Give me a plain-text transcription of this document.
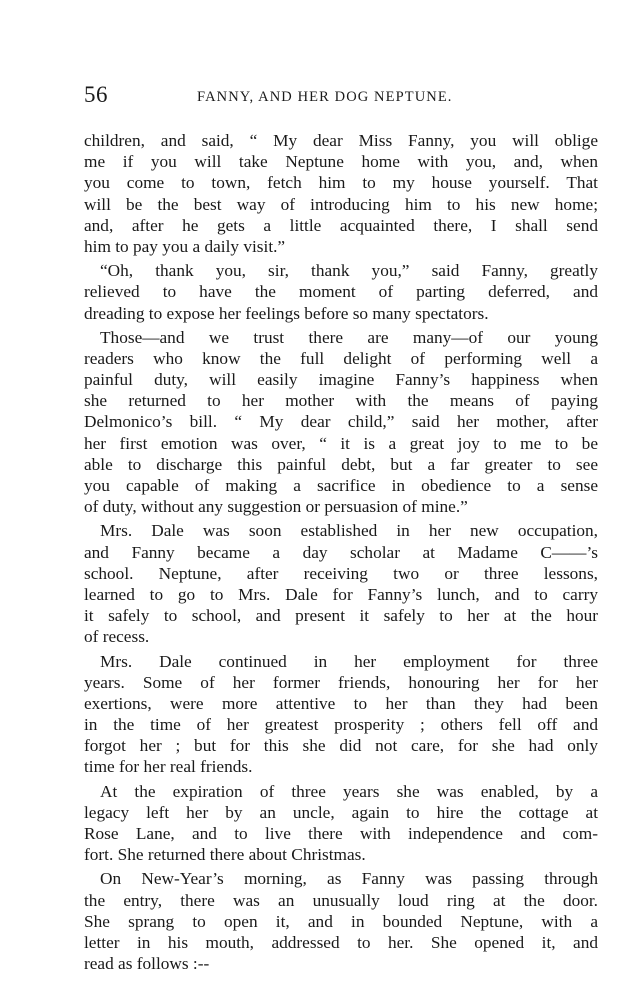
56	FANNY, AND HER DOG NEPTUNE.
children, and said, “ My dear Miss Fanny, you will oblige
me if you will take Neptune home with you, and, when
you come to town, fetch him to my house yourself. That
will be the best way of introducing him to his new home;
and, after he gets a little acquainted there, I shall send
him to pay you a daily visit.”
“Oh, thank you, sir, thank you,” said Fanny, greatly
relieved to have the moment of parting deferred, and
dreading to expose her feelings before so many spectators.
Those—and we trust there are many—of our young
readers who know the full delight of performing well a
painful duty, will easily imagine Fanny’s happiness when
she returned to her mother with the means of paying
Delmonico’s bill. “ My dear child,” said her mother, after
her first emotion was over, “ it is a great joy to me to be
able to discharge this painful debt, but a far greater to see
you capable of making a sacrifice in obedience to a sense
of duty, without any suggestion or persuasion of mine.”
Mrs. Dale was soon established in her new occupation,
and Fanny became a day scholar at Madame C——’s
school. Neptune, after receiving two or three lessons,
learned to go to Mrs. Dale for Fanny’s lunch, and to carry
it safely to school, and present it safely to her at the hour
of recess.
Mrs. Dale continued in her employment for three
years. Some of her former friends, honouring her for her
exertions, were more attentive to her than they had been
in the time of her greatest prosperity ; others fell off and
forgot her ; but for this she did not care, for she had only
time for her real friends.
At the expiration of three years she was enabled, by a
legacy left her by an uncle, again to hire the cottage at
Rose Lane, and to live there with independence and com-
fort. She returned there about Christmas.
On New-Year’s morning, as Fanny was passing through
the entry, there was an unusually loud ring at the door.
She sprang to open it, and in bounded Neptune, with a
letter in his mouth, addressed to her. She opened it, and
read as follows :--
